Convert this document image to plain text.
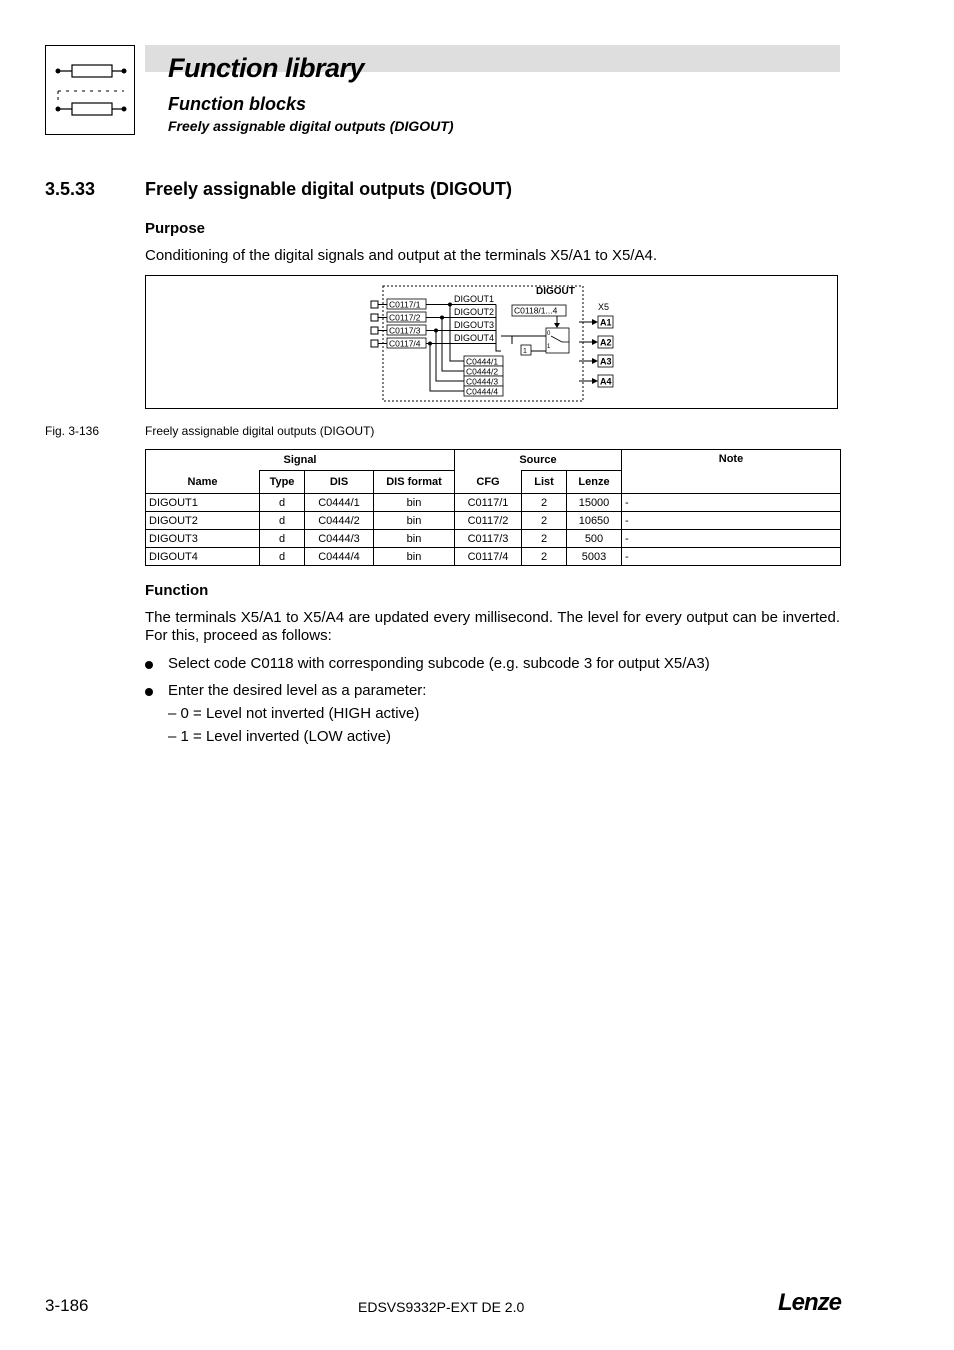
Function library
Function blocks
Freely assignable digital outputs (DIGOUT)
3.5.33	Freely assignable digital outputs (DIGOUT)
Purpose
Conditioning of the digital signals and output at the terminals X5/A1 to X5/A4.
DIGOUT
C0117/1
C0117/2
C0117/3
C0117/4
DIGOUT1
DIGOUT2
DIGOUT3
DIGOUT4
C0444/1
C0444/2
C0444/3
C0444/4
C0118/1...4
1
0
1
X5
A1
A2
A3
A4
Fig. 3-136	Freely assignable digital outputs (DIGOUT)
Signal				Source			Note
Name	Type	DIS	DIS format	CFG	List	Lenze	
DIGOUT1	d	C0444/1	bin	C0117/1	2	15000	-
DIGOUT2	d	C0444/2	bin	C0117/2	2	10650	-
DIGOUT3	d	C0444/3	bin	C0117/3	2	500	-
DIGOUT4	d	C0444/4	bin	C0117/4	2	5003	-
Function
The terminals X5/A1 to X5/A4 are updated every millisecond. The level for every output can be inverted. For this, proceed as follows:
Select code C0118 with corresponding subcode (e.g. subcode 3 for output X5/A3)
Enter the desired level as a parameter:
– 0 = Level not inverted (HIGH active)
– 1 = Level inverted (LOW active)
3-186	EDSVS9332P-EXT DE 2.0	Lenze
